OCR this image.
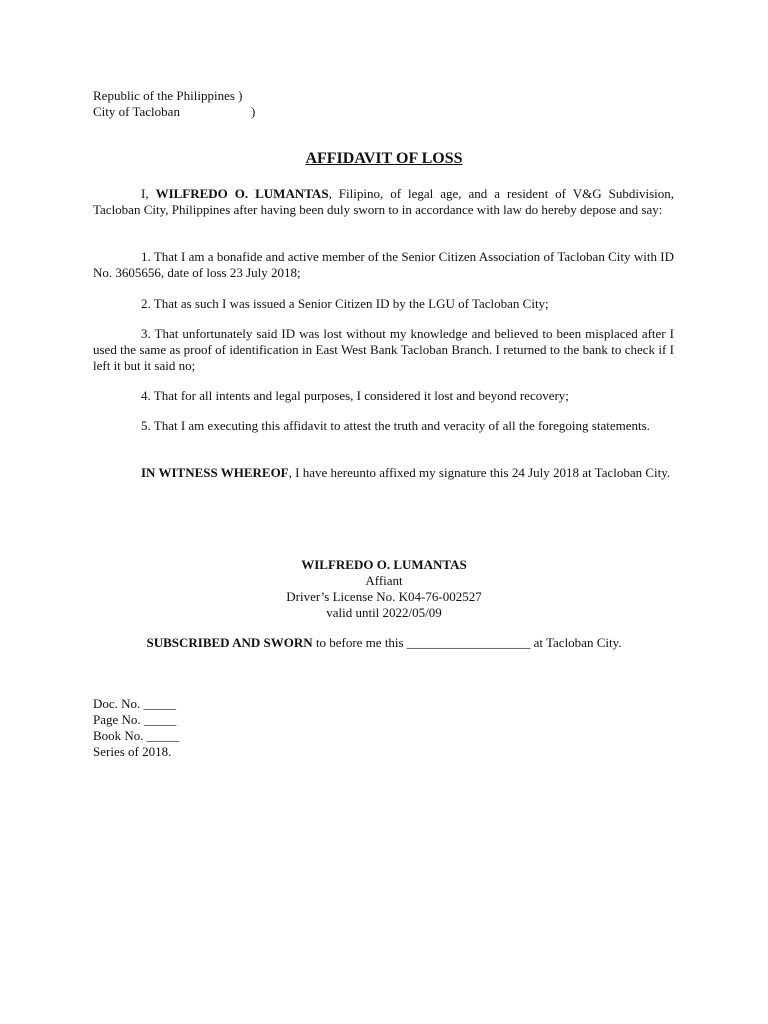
Republic of the Philippines )
City of Tacloban	)
AFFIDAVIT OF LOSS
I, WILFREDO O. LUMANTAS, Filipino, of legal age, and a resident of V&G Subdivision, Tacloban City, Philippines after having been duly sworn to in accordance with law do hereby depose and say:
1. That I am a bonafide and active member of the Senior Citizen Association of Tacloban City with ID No. 3605656, date of loss 23 July 2018;
2. That as such I was issued a Senior Citizen ID by the LGU of Tacloban City;
3. That unfortunately said ID was lost without my knowledge and believed to been misplaced after I used the same as proof of identification in East West Bank Tacloban Branch. I returned to the bank to check if I left it but it said no;
4. That for all intents and legal purposes, I considered it lost and beyond recovery;
5. That I am executing this affidavit to attest the truth and veracity of all the foregoing statements.
IN WITNESS WHEREOF, I have hereunto affixed my signature this 24 July 2018 at Tacloban City.
WILFREDO O. LUMANTAS
Affiant
Driver’s License No. K04-76-002527
valid until 2022/05/09
SUBSCRIBED AND SWORN to before me this ___________________ at Tacloban City.
Doc. No. _____
Page No. _____
Book No. _____
Series of 2018.
